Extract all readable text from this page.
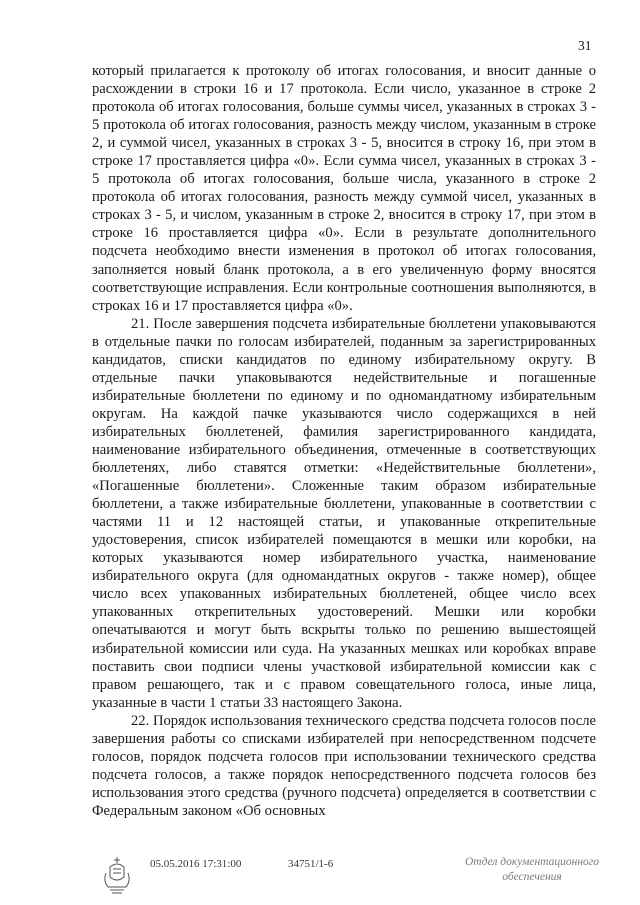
31

который прилагается к протоколу об итогах голосования, и вносит данные о расхождении в строки 16 и 17 протокола. Если число, указанное в строке 2 протокола об итогах голосования, больше суммы чисел, указанных в строках 3 - 5 протокола об итогах голосования, разность между числом, указанным в строке 2, и суммой чисел, указанных в строках 3 - 5, вносится в строку 16, при этом в строке 17 проставляется цифра «0». Если сумма чисел, указанных в строках 3 - 5 протокола об итогах голосования, больше числа, указанного в строке 2 протокола об итогах голосования, разность между суммой чисел, указанных в строках 3 - 5, и числом, указанным в строке 2, вносится в строку 17, при этом в строке 16 проставляется цифра «0». Если в результате дополнительного подсчета необходимо внести изменения в протокол об итогах голосования, заполняется новый бланк протокола, а в его увеличенную форму вносятся соответствующие исправления. Если контрольные соотношения выполняются, в строках 16 и 17 проставляется цифра «0».

21. После завершения подсчета избирательные бюллетени упаковываются в отдельные пачки по голосам избирателей, поданным за зарегистрированных кандидатов, списки кандидатов по единому избирательному округу. В отдельные пачки упаковываются недействительные и погашенные избирательные бюллетени по единому и по одномандатному избирательным округам. На каждой пачке указываются число содержащихся в ней избирательных бюллетеней, фамилия зарегистрированного кандидата, наименование избирательного объединения, отмеченные в соответствующих бюллетенях, либо ставятся отметки: «Недействительные бюллетени», «Погашенные бюллетени». Сложенные таким образом избирательные бюллетени, а также избирательные бюллетени, упакованные в соответствии с частями 11 и 12 настоящей статьи, и упакованные открепительные удостоверения, список избирателей помещаются в мешки или коробки, на которых указываются номер избирательного участка, наименование избирательного округа (для одномандатных округов - также номер), общее число всех упакованных избирательных бюллетеней, общее число всех упакованных открепительных удостоверений. Мешки или коробки опечатываются и могут быть вскрыты только по решению вышестоящей избирательной комиссии или суда. На указанных мешках или коробках вправе поставить свои подписи члены участковой избирательной комиссии как с правом решающего, так и с правом совещательного голоса, иные лица, указанные в части 1 статьи 33 настоящего Закона.

22. Порядок использования технического средства подсчета голосов после завершения работы со списками избирателей при непосредственном подсчете голосов, порядок подсчета голосов при использовании технического средства подсчета голосов, а также порядок непосредственного подсчета голосов без использования этого средства (ручного подсчета) определяется в соответствии с Федеральным законом «Об основных

05.05.2016 17:31:00	34751/1-6	Отдел документационного
обеспечения
